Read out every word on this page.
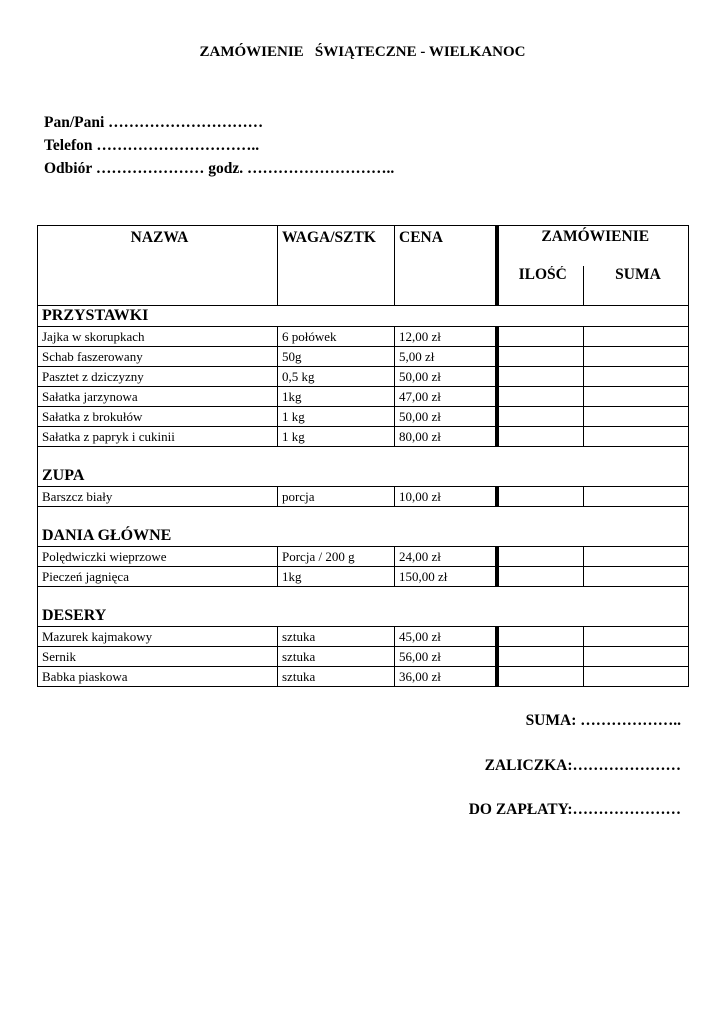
ZAMÓWIENIE   ŚWIĄTECZNE - WIELKANOC
Pan/Pani …………………………
Telefon …………………………..
Odbiór ………………… godz. ………………………..
NAZWA	WAGA/SZTK	CENA	ZAMÓWIENIE	
			ILOŚĆ	SUMA
PRZYSTAWKI				
Jajka w skorupkach	6 połówek	12,00 zł		
Schab faszerowany	50g	5,00 zł		
Pasztet z dziczyzny	0,5 kg	50,00 zł		
Sałatka jarzynowa	1kg	47,00 zł		
Sałatka z brokułów	1 kg	50,00 zł		
Sałatka z papryk i cukinii	1 kg	80,00 zł		
ZUPA				
Barszcz biały	porcja	10,00 zł		
DANIA GŁÓWNE				
Polędwiczki wieprzowe	Porcja / 200 g	24,00 zł		
Pieczeń jagnięca	1kg	150,00 zł		
DESERY				
Mazurek kajmakowy	sztuka	45,00 zł		
Sernik	sztuka	56,00 zł		
Babka piaskowa	sztuka	36,00 zł		
SUMA: ………………..
ZALICZKA:…………………
DO ZAPŁATY:…………………
